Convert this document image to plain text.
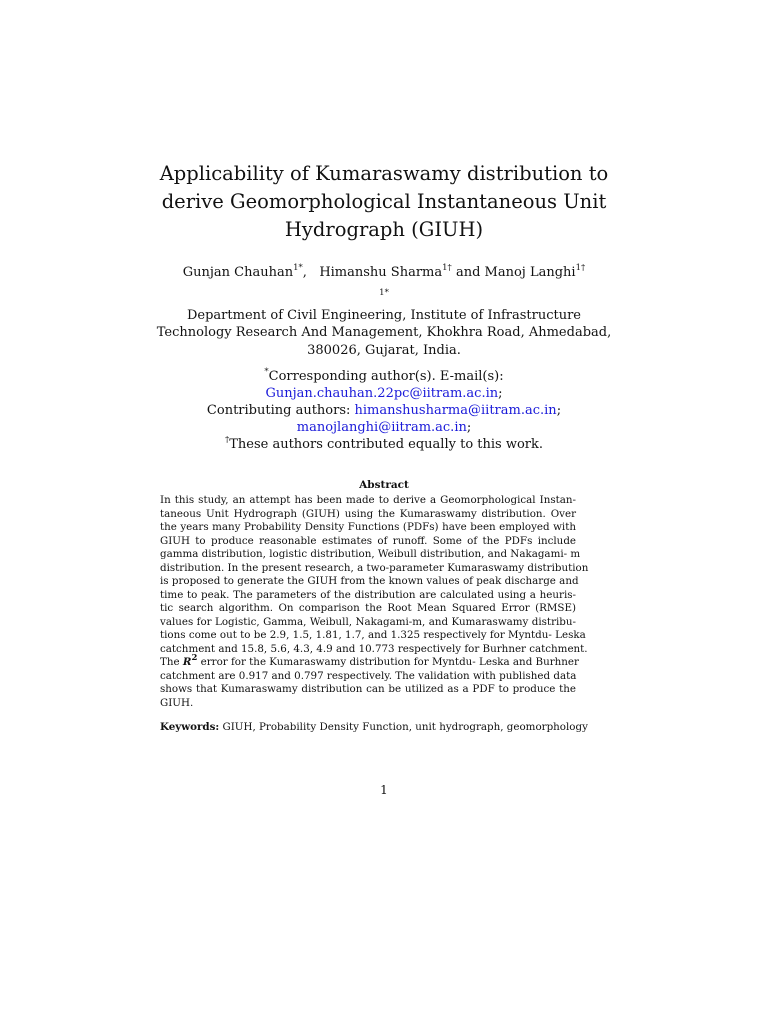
Applicability of Kumaraswamy distribution to
derive Geomorphological Instantaneous Unit
Hydrograph (GIUH)
Gunjan Chauhan$^{1*}$, Himanshu Sharma$^{1\dagger}$ and Manoj Langhi$^{1\dagger}$
$^{1*}$
Department of Civil Engineering, Institute of Infrastructure
Technology Research And Management, Khokhra Road, Ahmedabad,
380026, Gujarat, India.
*Corresponding author(s). E-mail(s):
Gunjan.chauhan.22pc@iitram.ac.in;
Contributing authors: himanshusharma@iitram.ac.in;
manojlanghi@iitram.ac.in;
†These authors contributed equally to this work.
Abstract
In this study, an attempt has been made to derive a Geomorphological Instan-
taneous Unit Hydrograph (GIUH) using the Kumaraswamy distribution. Over
the years many Probability Density Functions (PDFs) have been employed with
GIUH to produce reasonable estimates of runoff. Some of the PDFs include
gamma distribution, logistic distribution, Weibull distribution, and Nakagami- m
distribution. In the present research, a two-parameter Kumaraswamy distribution
is proposed to generate the GIUH from the known values of peak discharge and
time to peak. The parameters of the distribution are calculated using a heuris-
tic search algorithm. On comparison the Root Mean Squared Error (RMSE)
values for Logistic, Gamma, Weibull, Nakagami-m, and Kumaraswamy distribu-
tions come out to be 2.9, 1.5, 1.81, 1.7, and 1.325 respectively for Myntdu- Leska
catchment and 15.8, 5.6, 4.3, 4.9 and 10.773 respectively for Burhner catchment.
The $R^2$ error for the Kumaraswamy distribution for Myntdu- Leska and Burhner
catchment are 0.917 and 0.797 respectively. The validation with published data
shows that Kumaraswamy distribution can be utilized as a PDF to produce the
GIUH.
Keywords: GIUH, Probability Density Function, unit hydrograph, geomorphology
1
